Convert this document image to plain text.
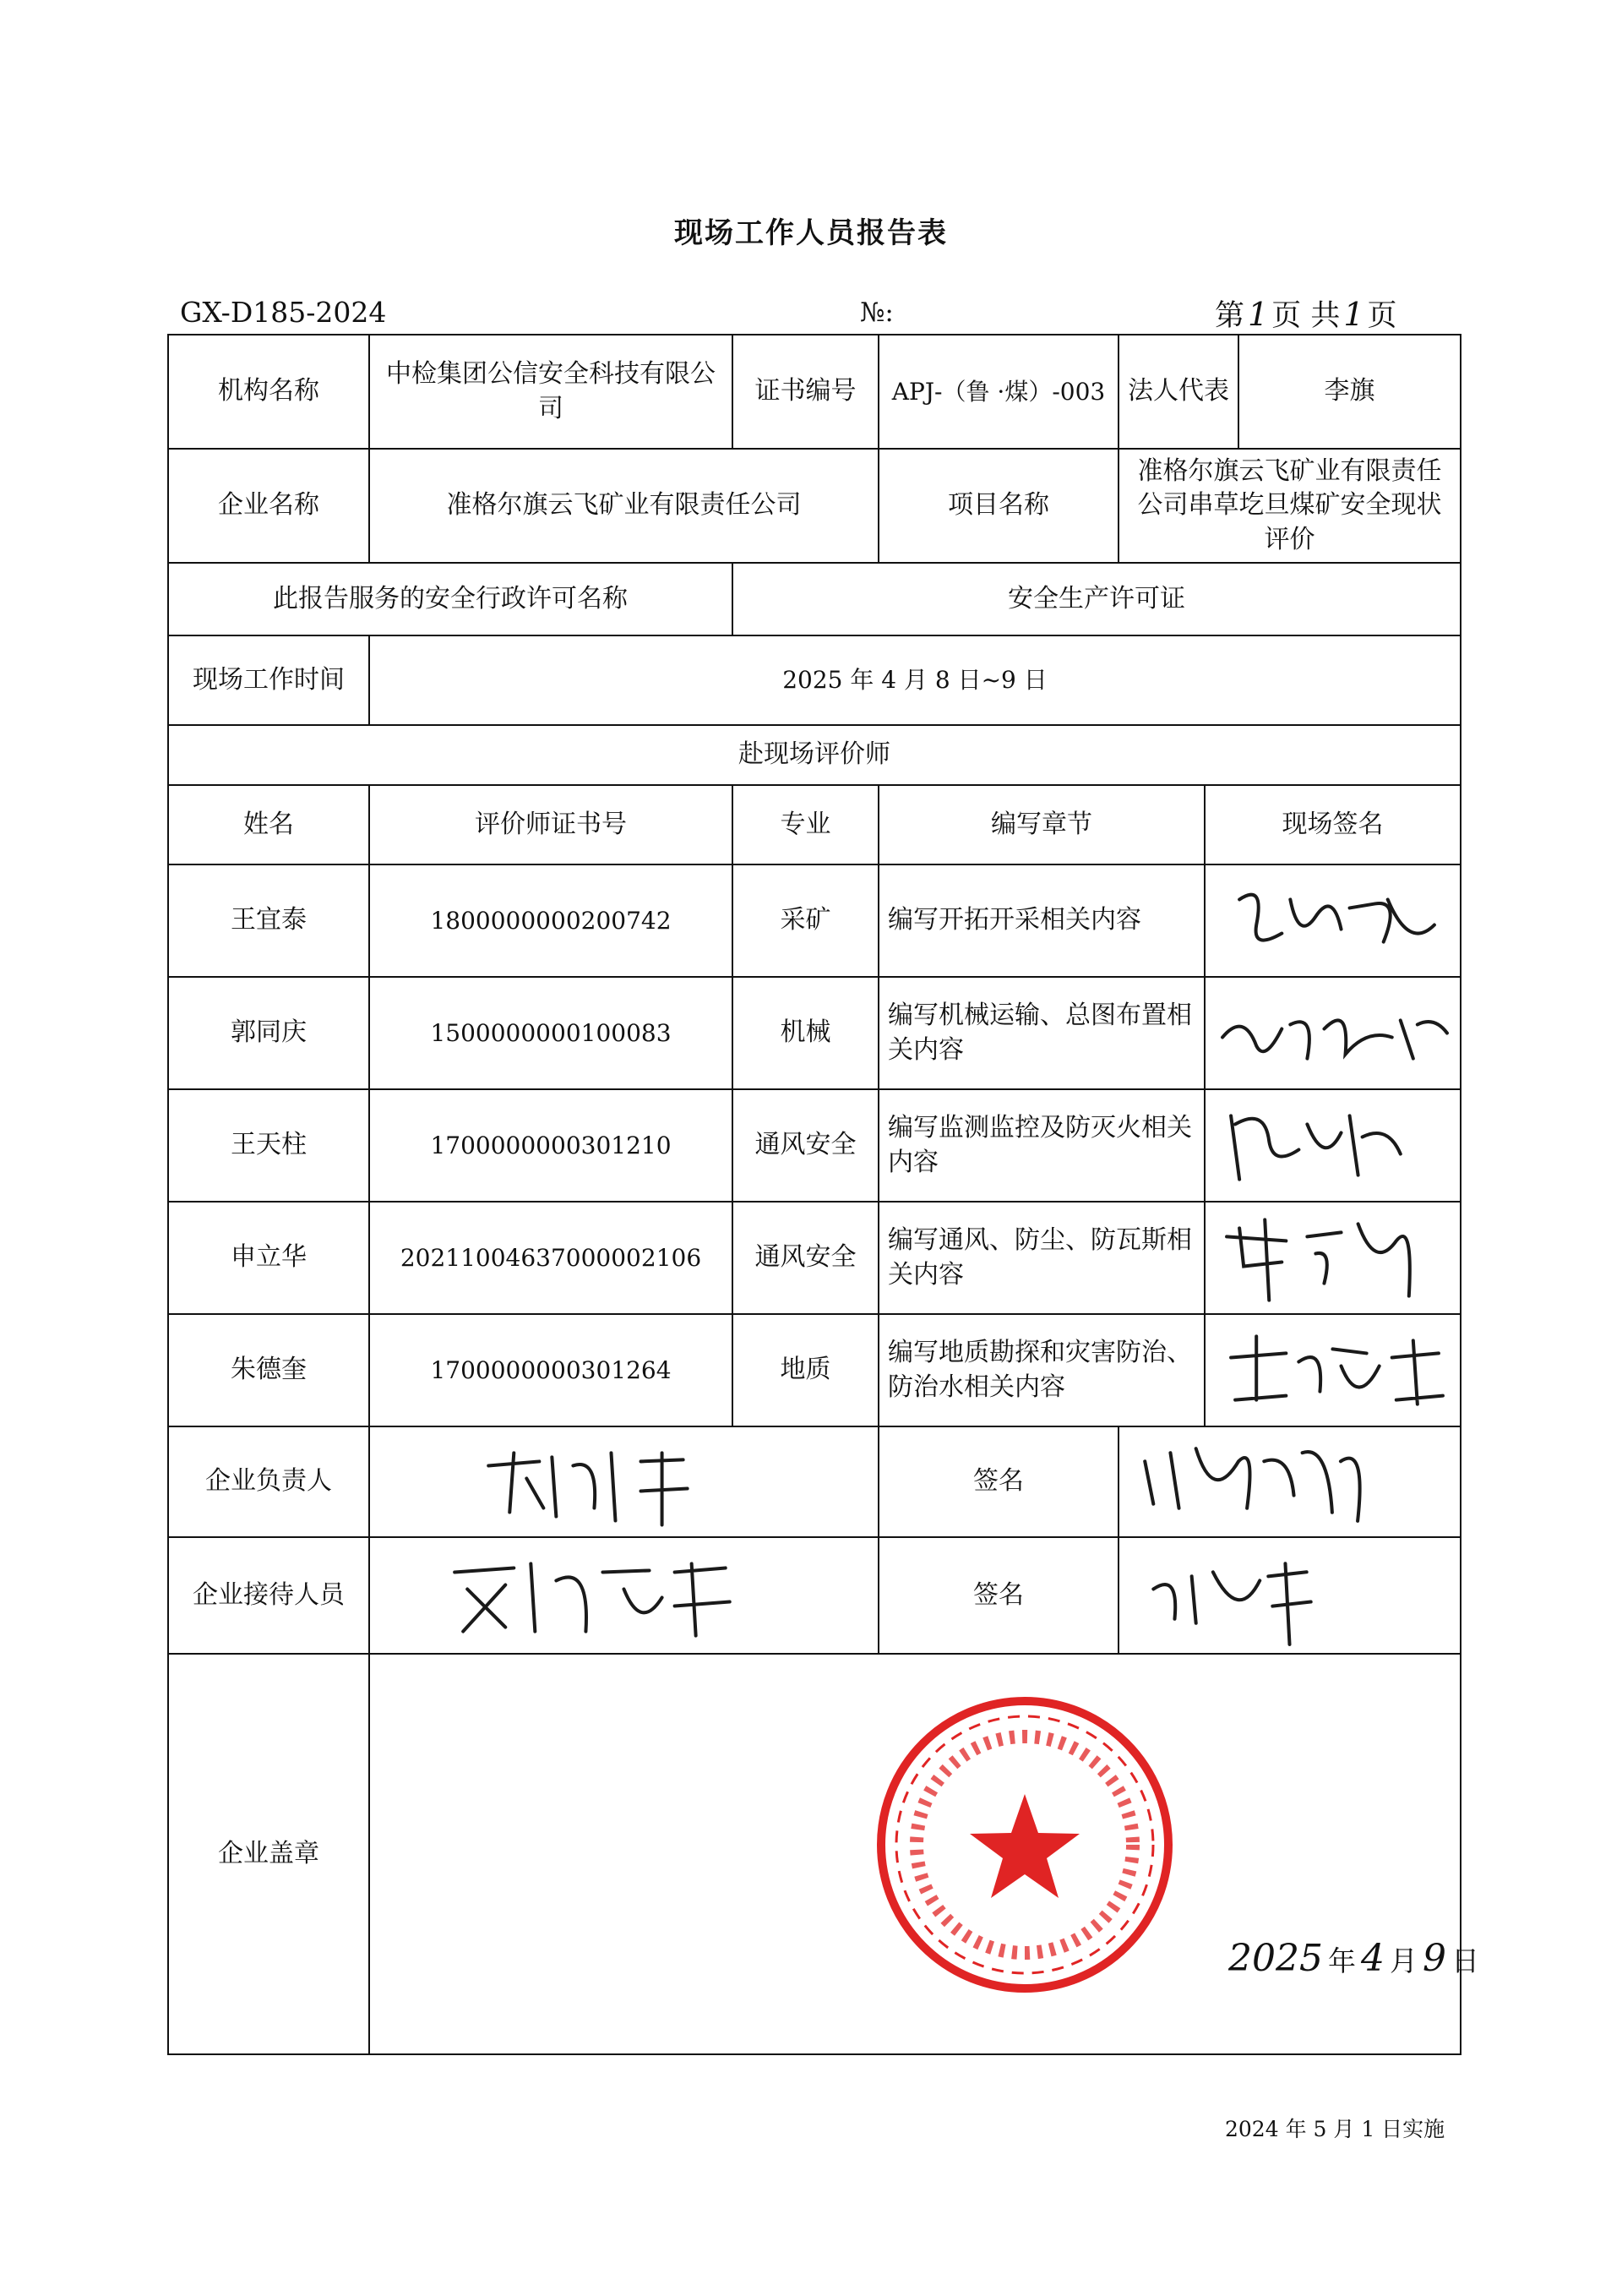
现场工作人员报告表
GX-D185-2024	№:	第 1 页 共 1 页
机构名称	中检集团公信安全科技有限公司	证书编号	APJ-（鲁 ·煤）-003	法人代表 李旗	

企业名称	准格尔旗云飞矿业有限责任公司		项目名称	准格尔旗云飞矿业有限责任公司串草圪旦煤矿安全现状评价	
此报告服务的安全行政许可名称		安全生产许可证			
现场工作时间	2025 年 4 月 8 日~9 日				
赴现场评价师					
姓名	评价师证书号	专业	编写章节		现场签名
王宜泰	1800000000200742	采矿	编写开拓开采相关内容	

郭同庆	1500000000100083	机械	编写机械运输、总图布置相关内容	

王天柱	1700000000301210	通风安全	编写监测监控及防灭火相关内容	

申立华	20211004637000002106	通风安全	编写通风、防尘、防瓦斯相关内容	

朱德奎	1700000000301264	地质	编写地质勘探和灾害防治、防治水相关内容	

企业负责人			签名	

企业接待人员			签名	

企业盖章	2025 年 4 月 9 日				
2024 年 5 月 1 日实施
